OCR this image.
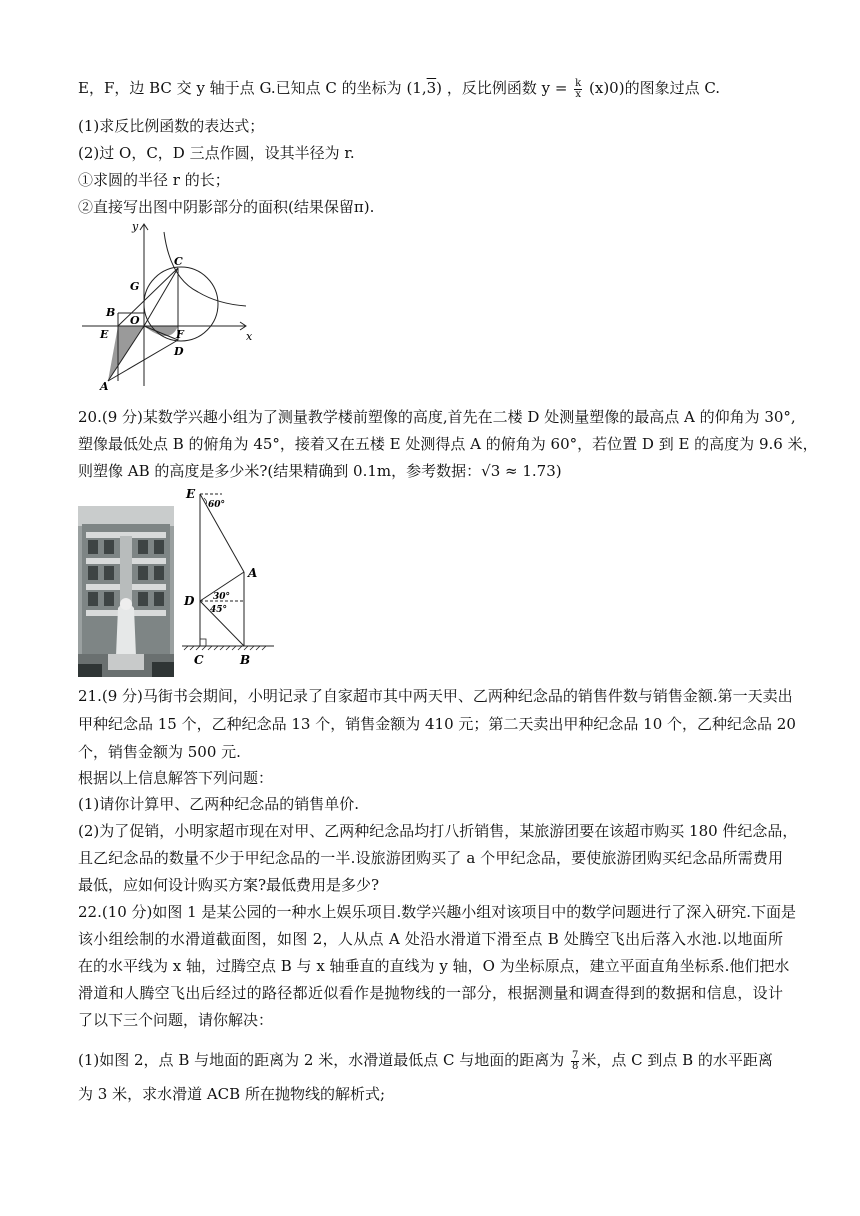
E，F，边 BC 交 y 轴于点 G.已知点 C 的坐标为 (1,3) ，反比例函数 $y = \frac{k}{x} (x)0$)的图象过点 C.
(1)求反比例函数的表达式；
(2)过 O，C，D 三点作圆，设其半径为 r.
①求圆的半径 r 的长；
②直接写出图中阴影部分的面积(结果保留π).
y
x
C
G
B
O
E	F
D
A
20.(9 分)某数学兴趣小组为了测量教学楼前塑像的高度,首先在二楼 D 处测量塑像的最高点 A 的仰角为 30°,
塑像最低处点 B 的俯角为 45°，接着又在五楼 E 处测得点 A 的俯角为 60°，若位置 D 到 E 的高度为 9.6 米，
则塑像 AB 的高度是多少米?(结果精确到 0.1m，参考数据：√3 ≈ 1.73)
E
60°
A
D 30°
45°
C	B
21.(9 分)马街书会期间，小明记录了自家超市其中两天甲、乙两种纪念品的销售件数与销售金额.第一天卖出
甲种纪念品 15 个，乙种纪念品 13 个，销售金额为 410 元；第二天卖出甲种纪念品 10 个，乙种纪念品 20
个，销售金额为 500 元.
根据以上信息解答下列问题：
(1)请你计算甲、乙两种纪念品的销售单价.
(2)为了促销，小明家超市现在对甲、乙两种纪念品均打八折销售，某旅游团要在该超市购买 180 件纪念品，
且乙纪念品的数量不少于甲纪念品的一半.设旅游团购买了 a 个甲纪念品，要使旅游团购买纪念品所需费用
最低，应如何设计购买方案?最低费用是多少?
22.(10 分)如图 1 是某公园的一种水上娱乐项目.数学兴趣小组对该项目中的数学问题进行了深入研究.下面是
该小组绘制的水滑道截面图，如图 2，人从点 A 处沿水滑道下滑至点 B 处腾空飞出后落入水池.以地面所
在的水平线为 x 轴，过腾空点 B 与 x 轴垂直的直线为 y 轴，O 为坐标原点，建立平面直角坐标系.他们把水
滑道和人腾空飞出后经过的路径都近似看作是抛物线的一部分，根据测量和调查得到的数据和信息，设计
了以下三个问题，请你解决：
(1)如图 2，点 B 与地面的距离为 2 米，水滑道最低点 C 与地面的距离为 $\frac{7}{8}$ 米，点 C 到点 B 的水平距离
为 3 米，求水滑道 ACB 所在抛物线的解析式;
